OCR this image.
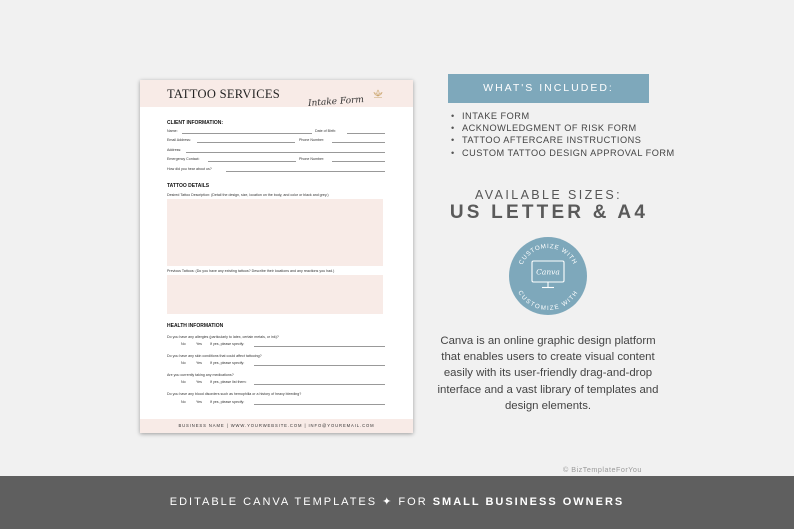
TATTOO SERVICES
Intake Form
CLIENT INFORMATION:
Name:	Date of Birth:
Email Address:	Phone Number:
Address:
Emergency Contact:	Phone Number:
How did you hear about us?
TATTOO DETAILS
Desired Tattoo Description: (Detail the design, size, location on the body, and color or black and grey.)
Previous Tattoos: (Do you have any existing tattoos? Describe their locations and any reactions you had.)
HEALTH INFORMATION
Do you have any allergies (particularly to latex, certain metals, or ink)?
No	Yes If yes, please specify:
Do you have any skin conditions that could affect tattooing?
No	Yes If yes, please specify:
Are you currently taking any medications?
No	Yes If yes, please list them:
Do you have any blood disorders such as hemophilia or a history of heavy bleeding?
No	Yes If yes, please specify:
BUSINESS NAME | WWW.YOURWEBSITE.COM | INFO@YOUREMAIL.COM
WHAT'S INCLUDED:
• INTAKE FORM
• ACKNOWLEDGMENT OF RISK FORM
• TATTOO AFTERCARE INSTRUCTIONS
• CUSTOM TATTOO DESIGN APPROVAL FORM
AVAILABLE SIZES:
US LETTER & A4
CUSTOMIZE WITH
CUSTOMIZE WITH
Canva
Canva is an online graphic design platform that enables users to create visual content easily with its user-friendly drag-and-drop interface and a vast library of templates and design elements.
© BizTemplateForYou
EDITABLE CANVA TEMPLATES ✦ FOR SMALL BUSINESS OWNERS
